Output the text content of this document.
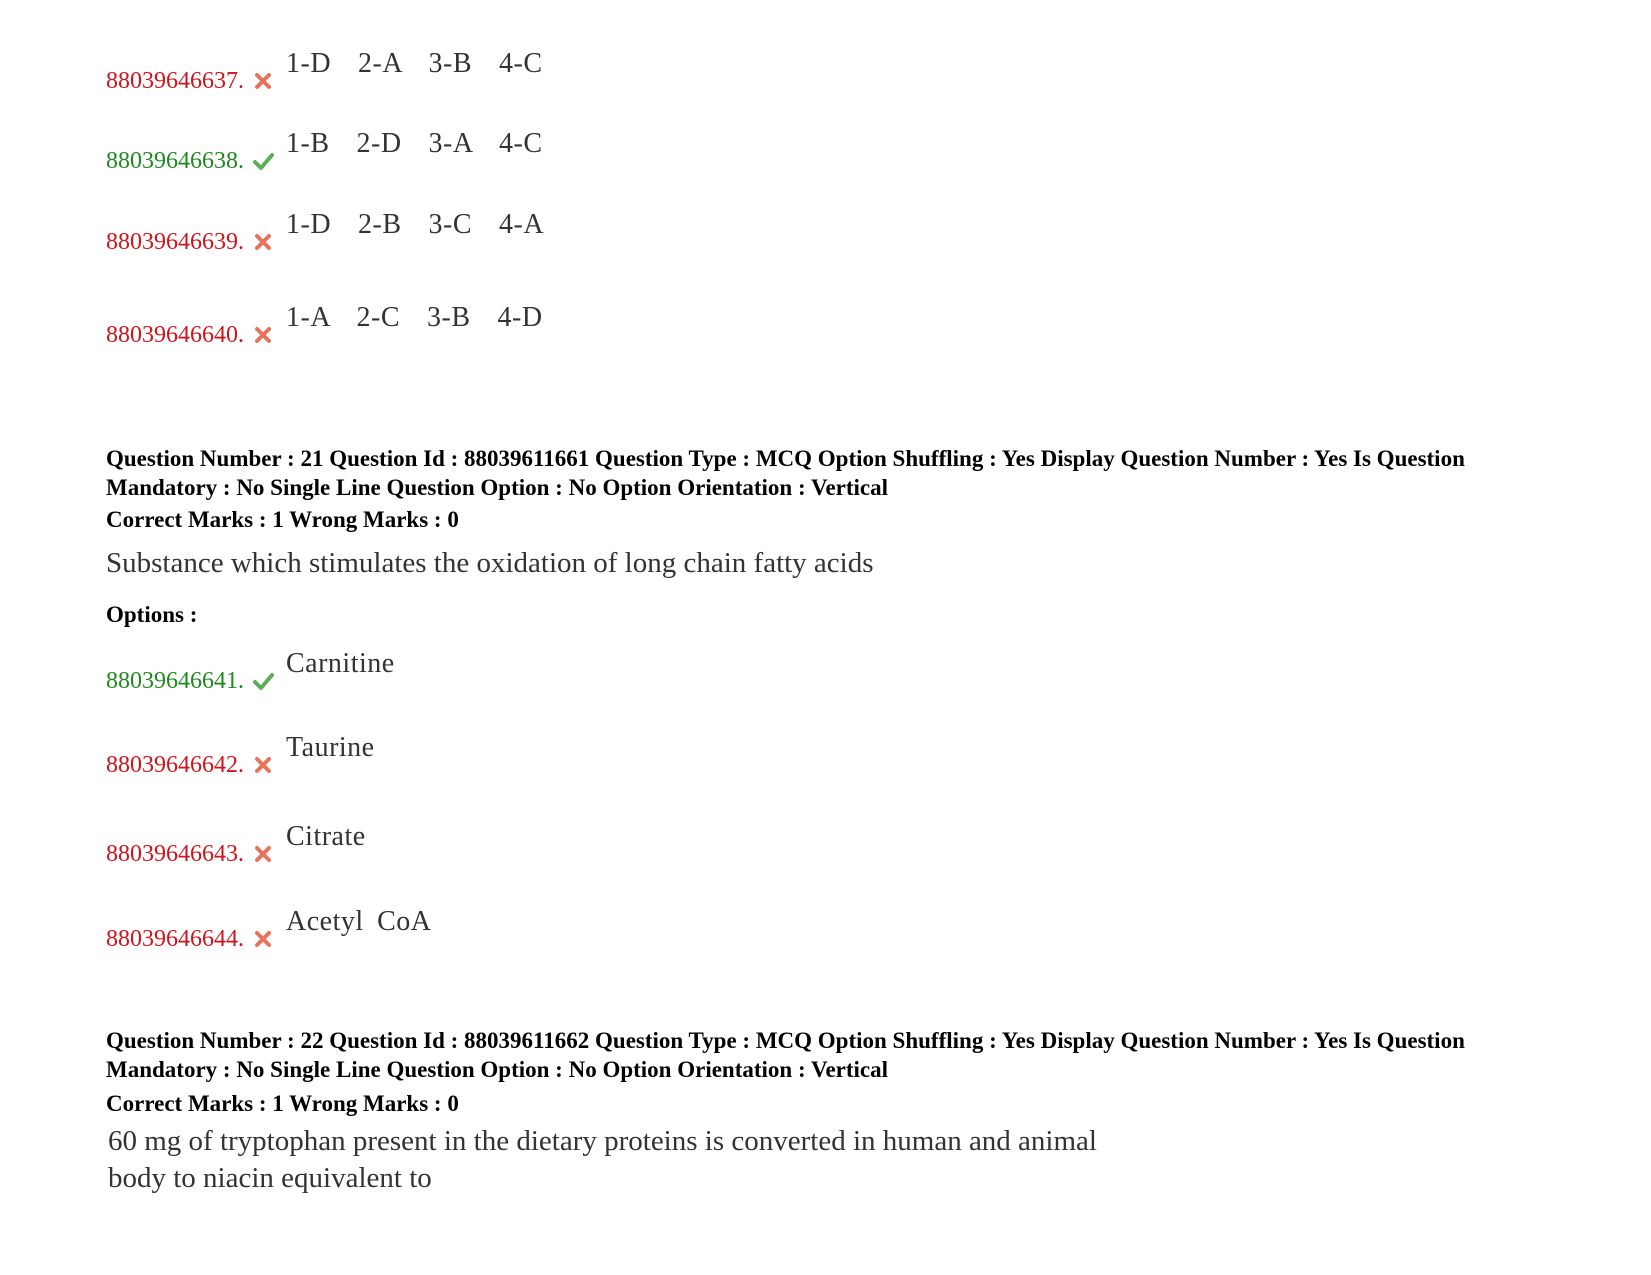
88039646637.
1-D  2-A  3-B  4-C
88039646638.
1-B  2-D  3-A  4-C
88039646639.
1-D  2-B  3-C  4-A
88039646640.
1-A  2-C  3-B  4-D
Question Number : 21 Question Id : 88039611661 Question Type : MCQ Option Shuffling : Yes Display Question Number : Yes Is Question Mandatory : No Single Line Question Option : No Option Orientation : Vertical
Correct Marks : 1 Wrong Marks : 0
Substance which stimulates the oxidation of long chain fatty acids
Options :
88039646641.
Carnitine
88039646642.
Taurine
88039646643.
Citrate
88039646644.
Acetyl CoA
Question Number : 22 Question Id : 88039611662 Question Type : MCQ Option Shuffling : Yes Display Question Number : Yes Is Question Mandatory : No Single Line Question Option : No Option Orientation : Vertical
Correct Marks : 1 Wrong Marks : 0
60 mg of tryptophan present in the dietary proteins is converted in human and animal
body to niacin equivalent to
